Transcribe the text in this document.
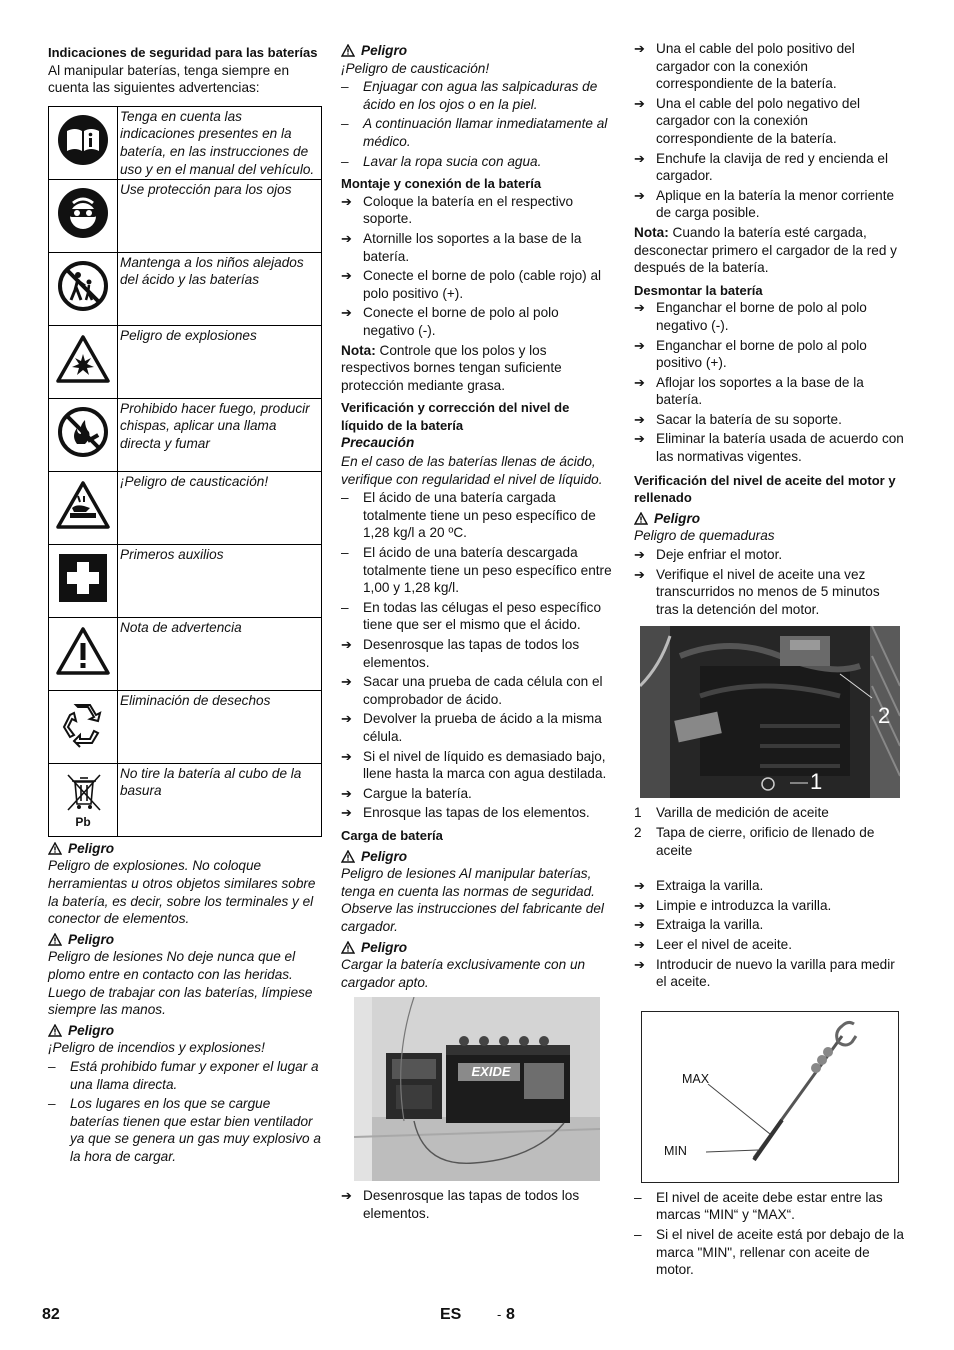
Indicaciones de seguridad para las baterías
Al manipular baterías, tenga siempre en cuenta las siguientes advertencias:
	Tenga en cuenta las indicaciones presentes en la batería, en las instrucciones de uso y en el manual del vehículo.
	Use protección para los ojos
	Mantenga a los niños alejados del ácido y las baterías
	Peligro de explosiones
	Prohibido hacer fuego, producir chispas, aplicar una llama directa y fumar
	¡Peligro de causticación!
	Primeros auxilios
	Nota de advertencia
	Eliminación de desechos

Pb	No tire la batería al cubo de la basura
Peligro
Peligro de explosiones. No coloque herramientas u otros objetos similares sobre la batería, es decir, sobre los terminales y el conector de elementos.
Peligro
Peligro de lesiones No deje nunca que el plomo entre en contacto con las heridas. Luego de trabajar con las baterías, límpiese siempre las manos.
Peligro
¡Peligro de incendios y explosiones!
–	Está prohibido fumar y exponer el lugar a una llama directa.
–	Los lugares en los que se cargue baterías tienen que estar bien ventilador ya que se genera un gas muy explosivo a la hora de cargar.
Peligro
¡Peligro de causticación!
–	Enjuagar con agua las salpicaduras de ácido en los ojos o en la piel.
–	A continuación llamar inmediatamente al médico.
–	Lavar la ropa sucia con agua.
Montaje y conexión de la batería
➔ Coloque la batería en el respectivo soporte.
➔ Atornille los soportes a la base de la batería.
➔ Conecte el borne de polo (cable rojo) al polo positivo (+).
➔ Conecte el borne de polo al polo negativo (-).
Nota: Controle que los polos y los respectivos bornes tengan suficiente protección mediante grasa.
Verificación y corrección del nivel de líquido de la batería
Precaución
En el caso de las baterías llenas de ácido, verifique con regularidad el nivel de líquido.
–	El ácido de una batería cargada totalmente tiene un peso específico de 1,28 kg/l a 20 ºC.
–	El ácido de una batería descargada totalmente tiene un peso específico entre 1,00 y 1,28 kg/l.
–	En todas las célugas el peso específico tiene que ser el mismo que el ácido.
➔ Desenrosque las tapas de todos los elementos.
➔ Sacar una prueba de cada célula con el comprobador de ácido.
➔ Devolver la prueba de ácido a la misma célula.
➔ Si el nivel de líquido es demasiado bajo, llene hasta la marca con agua destilada.
➔ Cargue la batería.
➔ Enrosque las tapas de los elementos.
Carga de batería
Peligro
Peligro de lesiones Al manipular baterías, tenga en cuenta las normas de seguridad. Observe las instrucciones del fabricante del cargador.
Peligro
Cargar la batería exclusivamente con un cargador apto.
EXIDE
➔ Desenrosque las tapas de todos los elementos.
➔ Una el cable del polo positivo del cargador con la conexión correspondiente de la batería.
➔ Una el cable del polo negativo del cargador con la conexión correspondiente de la batería.
➔ Enchufe la clavija de red y encienda el cargador.
➔ Aplique en la batería la menor corriente de carga posible.
Nota: Cuando la batería esté cargada, desconectar primero el cargador de la red y después de la batería.
Desmontar la batería
➔ Enganchar el borne de polo al polo negativo (-).
➔ Enganchar el borne de polo al polo positivo (+).
➔ Aflojar los soportes a la base de la batería.
➔ Sacar la batería de su soporte.
➔ Eliminar la batería usada de acuerdo con las normativas vigentes.
Verificación del nivel de aceite del motor y rellenado
Peligro
Peligro de quemaduras
➔ Deje enfriar el motor.
➔ Verifique el nivel de aceite una vez transcurridos no menos de 5 minutos tras la detención del motor.
2
1
1	Varilla de medición de aceite
2	Tapa de cierre, orificio de llenado de aceite
➔ Extraiga la varilla.
➔ Limpie e introduzca la varilla.
➔ Extraiga la varilla.
➔ Leer el nivel de aceite.
➔ Introducir de nuevo la varilla para medir el aceite.
MAX
MIN
–	El nivel de aceite debe estar entre las marcas “MIN“ y “MAX“.
–	Si el nivel de aceite está por debajo de la marca "MIN", rellenar con aceite de motor.
82	ES	- 8
